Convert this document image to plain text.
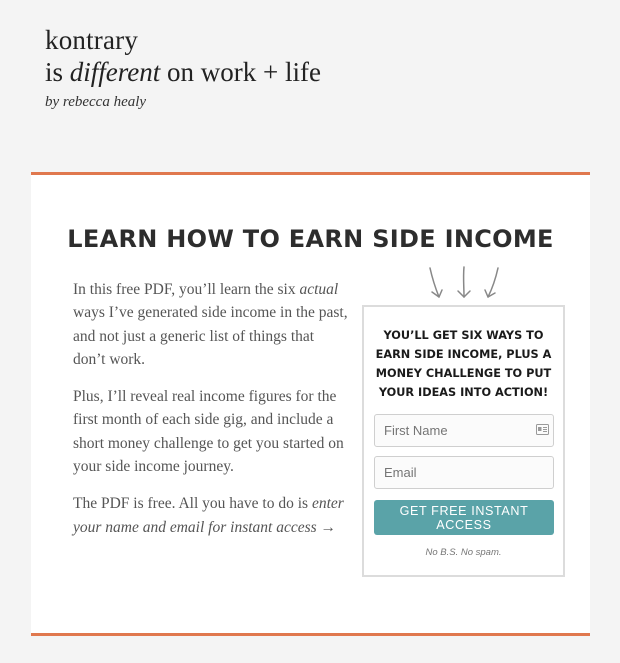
kontrary
is different on work + life
by rebecca healy
LEARN HOW TO EARN SIDE INCOME

In this free PDF, you’ll learn the six actual ways I’ve generated side income in the past, and not just a generic list of things that don’t work.

Plus, I’ll reveal real income figures for the first month of each side gig, and include a short money challenge to get you started on your side income journey.

The PDF is free. All you have to do is enter your name and email for instant access →

YOU’LL GET SIX WAYS TO EARN SIDE INCOME, PLUS A MONEY CHALLENGE TO PUT YOUR IDEAS INTO ACTION!
First Name
Email
GET FREE INSTANT ACCESS
No B.S. No spam.
